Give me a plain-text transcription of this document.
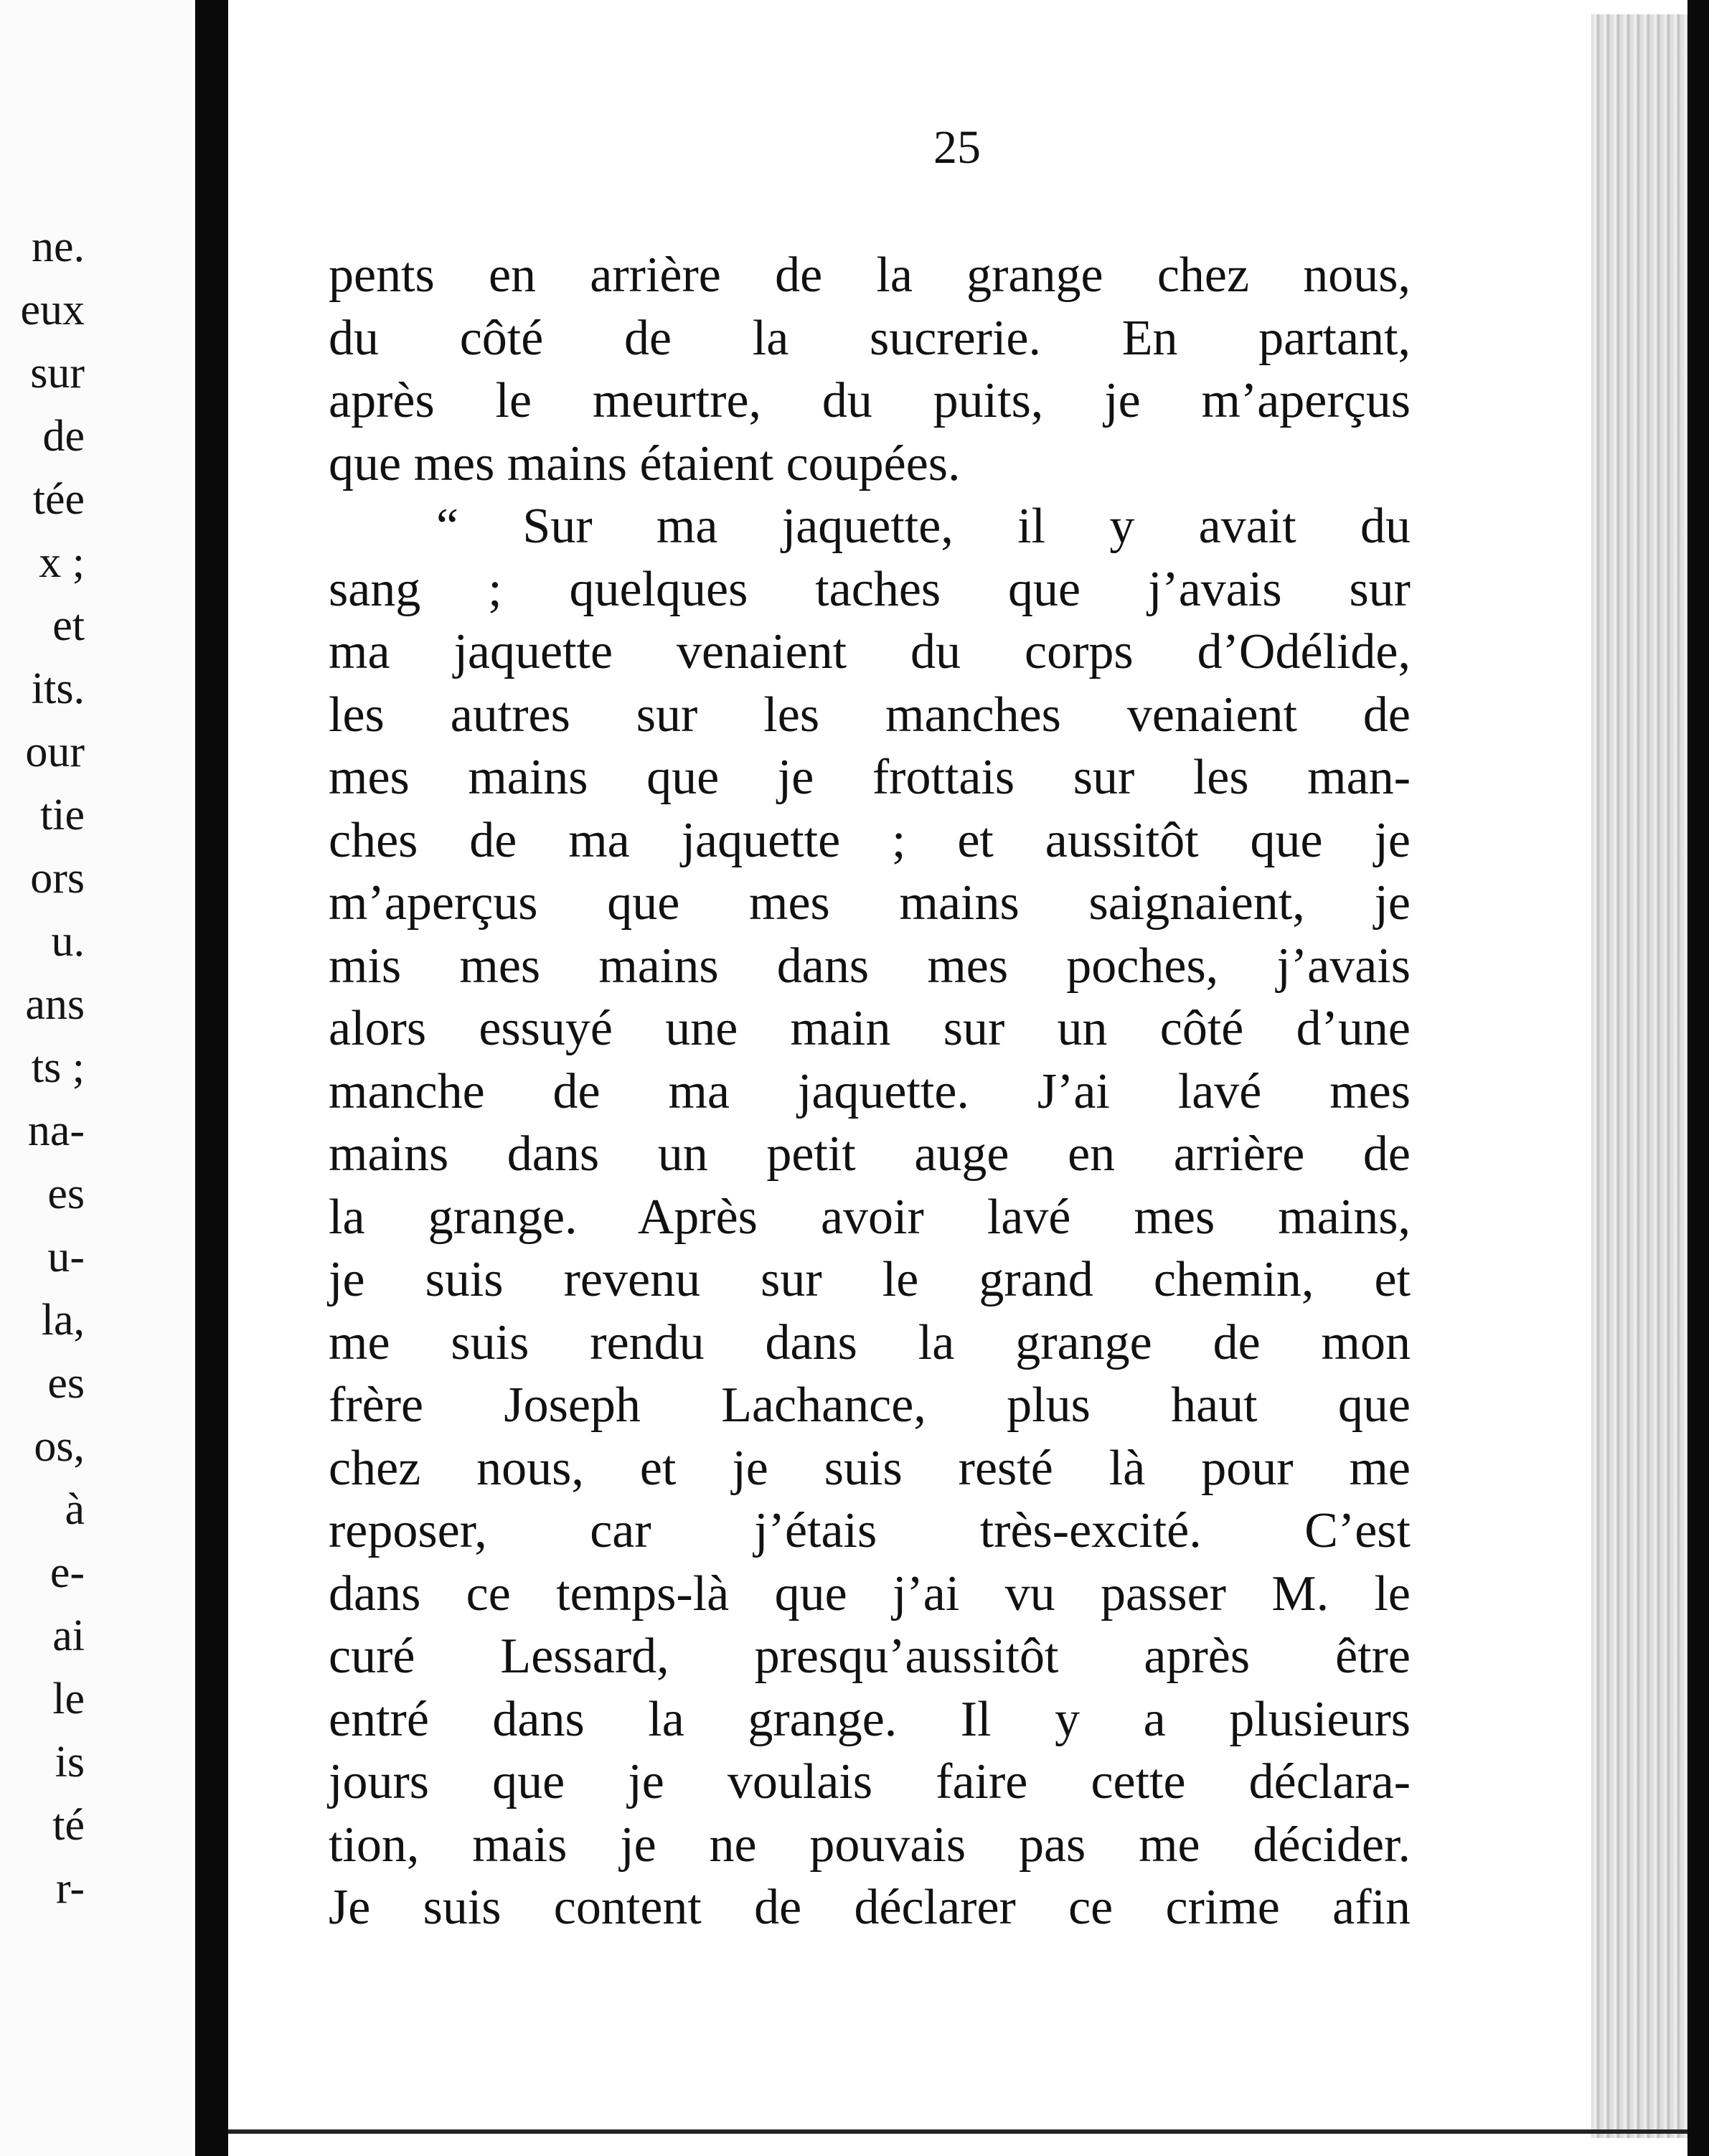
ne.
eux
sur
de
tée
x ;
et
its.
our
tie
ors
u.
ans
ts ;
na-
es
u-
la,
es
os,
à
e-
ai
le
is
té
r-

25

pents en arrière de la grange chez nous,
du côté de la sucrerie. En partant,
après le meurtre, du puits, je m’aperçus
que mes mains étaient coupées.
“ Sur ma jaquette, il y avait du
sang ; quelques taches que j’avais sur
ma jaquette venaient du corps d’Odélide,
les autres sur les manches venaient de
mes mains que je frottais sur les man-
ches de ma jaquette ; et aussitôt que je
m’aperçus que mes mains saignaient, je
mis mes mains dans mes poches, j’avais
alors essuyé une main sur un côté d’une
manche de ma jaquette. J’ai lavé mes
mains dans un petit auge en arrière de
la grange. Après avoir lavé mes mains,
je suis revenu sur le grand chemin, et
me suis rendu dans la grange de mon
frère Joseph Lachance, plus haut que
chez nous, et je suis resté là pour me
reposer, car j’étais très-excité. C’est
dans ce temps-là que j’ai vu passer M. le
curé Lessard, presqu’aussitôt après être
entré dans la grange. Il y a plusieurs
jours que je voulais faire cette déclara-
tion, mais je ne pouvais pas me décider.
Je suis content de déclarer ce crime afin
